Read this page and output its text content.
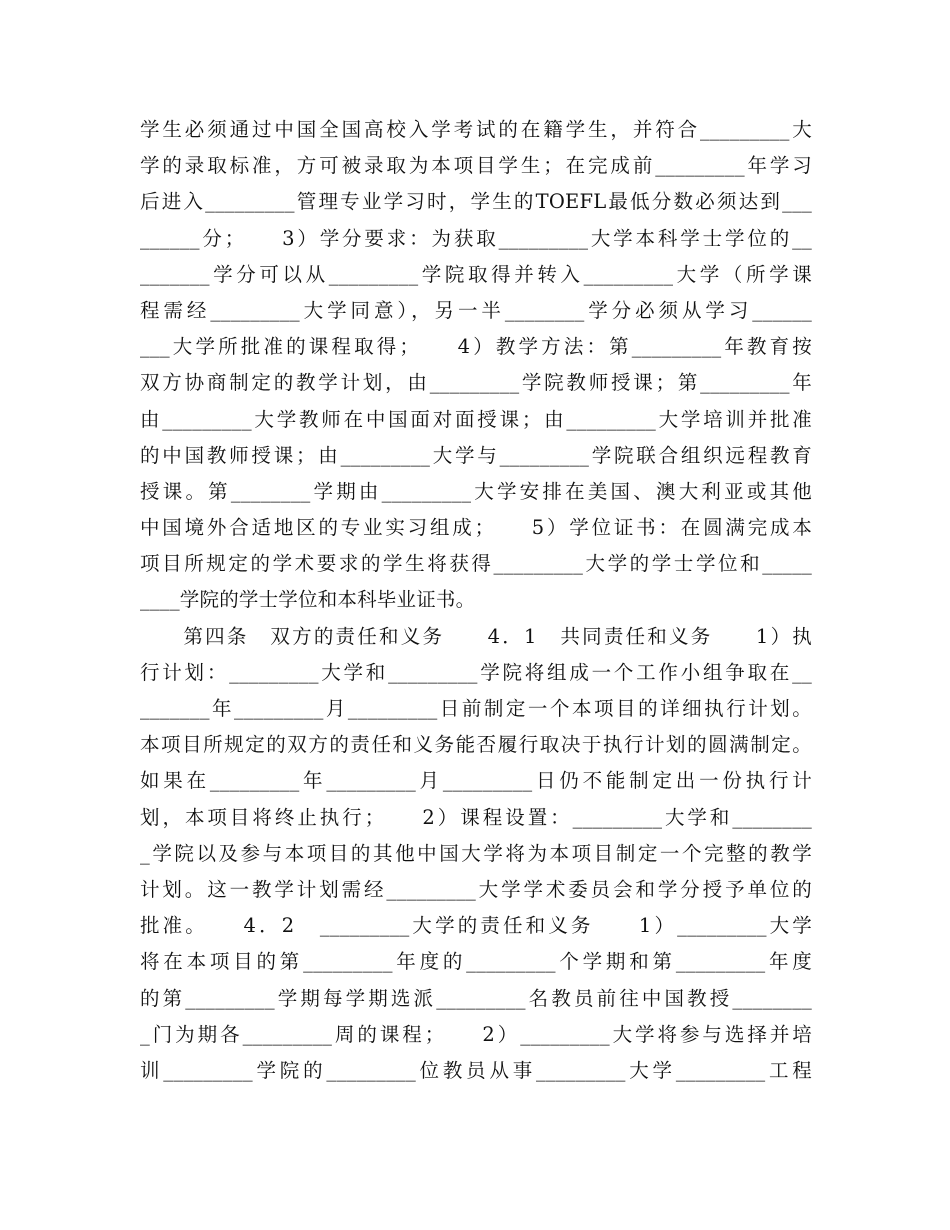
学生必须通过中国全国高校入学考试的在籍学生，并符合_________大
学的录取标准，方可被录取为本项目学生；在完成前_________年学习
后进入_________管理专业学习时，学生的TOEFL最低分数必须达到___
______分；　　3）学分要求：为获取_________大学本科学士学位的__
_______学分可以从_________学院取得并转入_________大学（所学课
程需经_________大学同意），另一半________学分必须从学习______
___大学所批准的课程取得；　　4）教学方法：第_________年教育按
双方协商制定的教学计划，由_________学院教师授课；第_________年
由_________大学教师在中国面对面授课；由_________大学培训并批准
的中国教师授课；由_________大学与_________学院联合组织远程教育
授课。第________学期由_________大学安排在美国、澳大利亚或其他
中国境外合适地区的专业实习组成；　　5）学位证书：在圆满完成本
项目所规定的学术要求的学生将获得_________大学的学士学位和_____
____学院的学士学位和本科毕业证书。
　　第四条　双方的责任和义务　　4．1　共同责任和义务　　1）执
行计划：_________大学和_________学院将组成一个工作小组争取在__
_______年_________月_________日前制定一个本项目的详细执行计划。
本项目所规定的双方的责任和义务能否履行取决于执行计划的圆满制定。
如果在_________年_________月_________日仍不能制定出一份执行计
划，本项目将终止执行；　　2）课程设置：_________大学和________
_学院以及参与本项目的其他中国大学将为本项目制定一个完整的教学
计划。这一教学计划需经_________大学学术委员会和学分授予单位的
批准。　　4．2　_________大学的责任和义务　　1）_________大学
将在本项目的第_________年度的_________个学期和第_________年度
的第_________学期每学期选派_________名教员前往中国教授________
_门为期各_________周的课程；　　2）_________大学将参与选择并培
训_________学院的_________位教员从事_________大学_________工程
